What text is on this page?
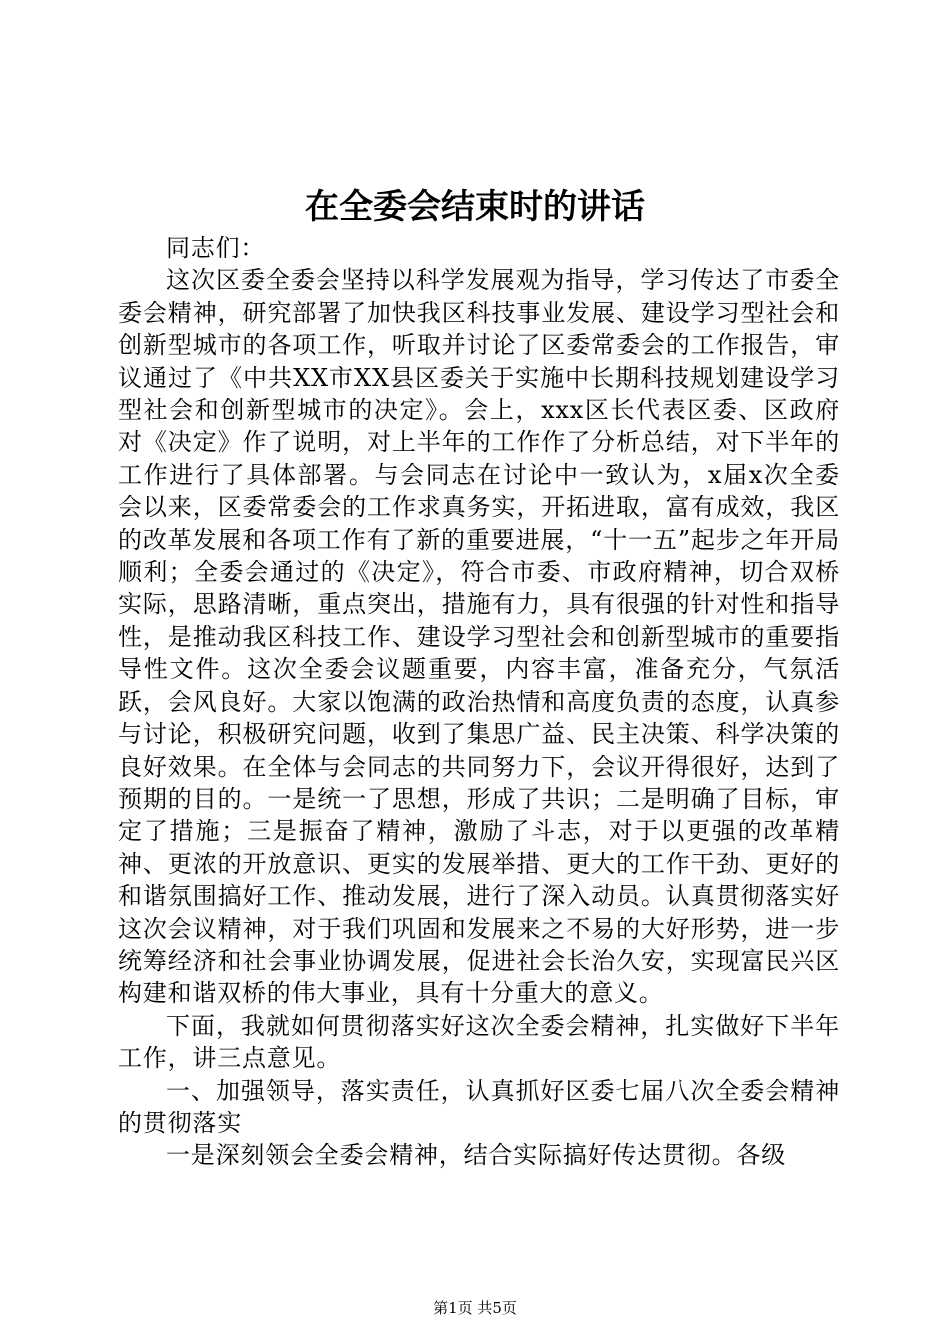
在全委会结束时的讲话

同志们：

这次区委全委会坚持以科学发展观为指导，学习传达了市委全委会精神，研究部署了加快我区科技事业发展、建设学习型社会和创新型城市的各项工作，听取并讨论了区委常委会的工作报告，审议通过了《中共XX市XX县区委关于实施中长期科技规划建设学习型社会和创新型城市的决定》。会上，xxx区长代表区委、区政府对《决定》作了说明，对上半年的工作作了分析总结，对下半年的工作进行了具体部署。与会同志在讨论中一致认为，x届x次全委会以来，区委常委会的工作求真务实，开拓进取，富有成效，我区的改革发展和各项工作有了新的重要进展，“十一五”起步之年开局顺利；全委会通过的《决定》，符合市委、市政府精神，切合双桥实际，思路清晰，重点突出，措施有力，具有很强的针对性和指导性，是推动我区科技工作、建设学习型社会和创新型城市的重要指导性文件。这次全委会议题重要，内容丰富，准备充分，气氛活跃，会风良好。大家以饱满的政治热情和高度负责的态度，认真参与讨论，积极研究问题，收到了集思广益、民主决策、科学决策的良好效果。在全体与会同志的共同努力下，会议开得很好，达到了预期的目的。一是统一了思想，形成了共识；二是明确了目标，审定了措施；三是振奋了精神，激励了斗志，对于以更强的改革精神、更浓的开放意识、更实的发展举措、更大的工作干劲、更好的和谐氛围搞好工作、推动发展，进行了深入动员。认真贯彻落实好这次会议精神，对于我们巩固和发展来之不易的大好形势，进一步统筹经济和社会事业协调发展，促进社会长治久安，实现富民兴区构建和谐双桥的伟大事业，具有十分重大的意义。

下面，我就如何贯彻落实好这次全委会精神，扎实做好下半年工作，讲三点意见。

一、加强领导，落实责任，认真抓好区委七届八次全委会精神的贯彻落实

一是深刻领会全委会精神，结合实际搞好传达贯彻。各级

第1页 共5页
